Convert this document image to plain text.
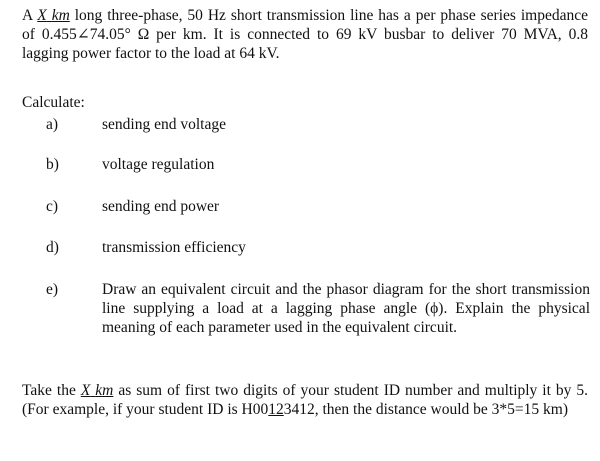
A X km long three-phase, 50 Hz short transmission line has a per phase series impedance of 0.455∠74.05° Ω per km. It is connected to 69 kV busbar to deliver 70 MVA, 0.8 lagging power factor to the load at 64 kV.
Calculate:
a)	sending end voltage
b)	voltage regulation
c)	sending end power
d)	transmission efficiency
e)	Draw an equivalent circuit and the phasor diagram for the short transmission line supplying a load at a lagging phase angle (ϕ). Explain the physical meaning of each parameter used in the equivalent circuit.
Take the X km as sum of first two digits of your student ID number and multiply it by 5. (For example, if your student ID is H00123412, then the distance would be 3*5=15 km)
